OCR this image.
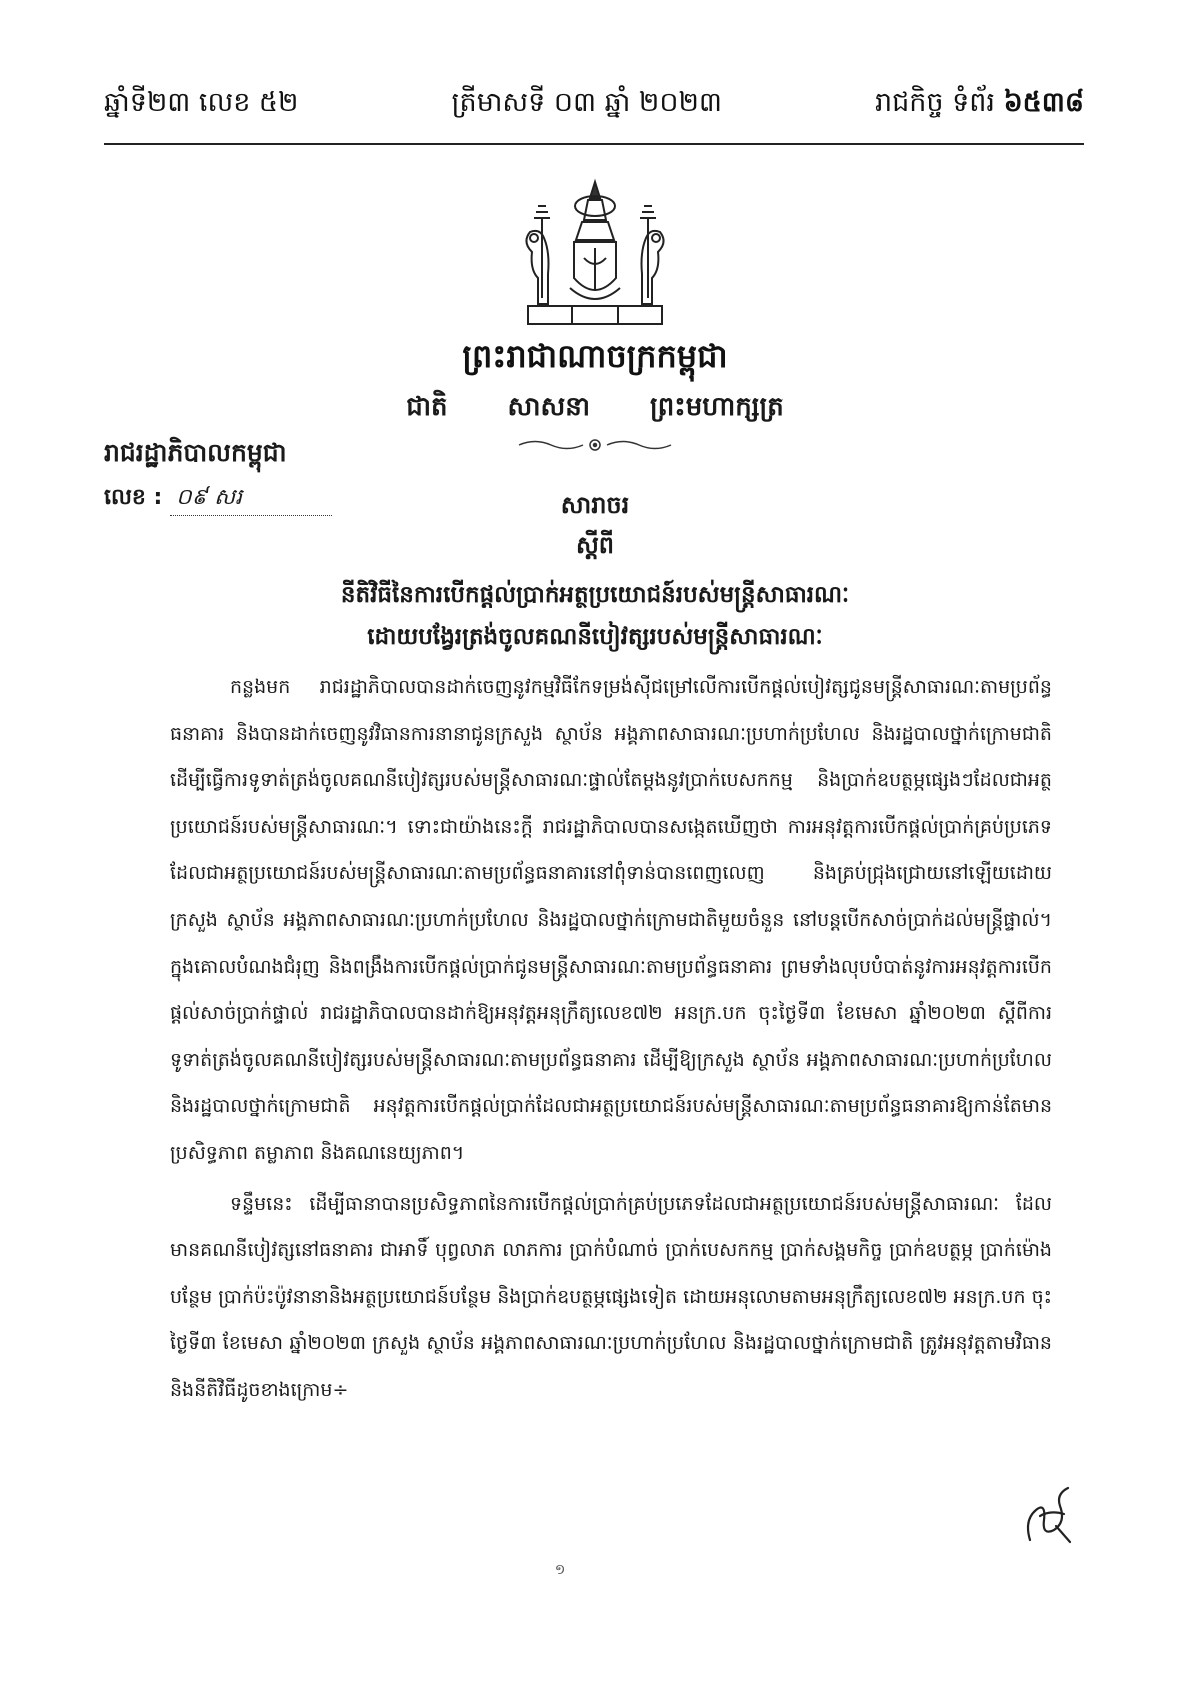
ឆ្នាំទី២៣ លេខ ៥២	ត្រីមាសទី ០៣ ឆ្នាំ ២០២៣	រាជកិច្ច ទំព័រ ៦៥៣៨
ព្រះរាជាណាចក្រកម្ពុជា
ជាតិ សាសនា ព្រះមហាក្សត្រ
រាជរដ្ឋាភិបាលកម្ពុជា
លេខ : ០៩ សរ	សារាចរ
ស្តីពី
នីតិវិធីនៃការបើកផ្តល់ប្រាក់អត្ថប្រយោជន៍របស់មន្ត្រីសាធារណៈ
ដោយបង្វែរត្រង់ចូលគណនីបៀវត្សរបស់មន្ត្រីសាធារណៈ

កន្លងមក រាជរដ្ឋាភិបាលបានដាក់ចេញនូវកម្មវិធីកែទម្រង់ស៊ីជម្រៅលើការបើកផ្តល់បៀវត្សជូនមន្ត្រីសាធារណៈតាមប្រព័ន្ធធនាគារ និងបានដាក់ចេញនូវវិធានការនានាជូនក្រសួង ស្ថាប័ន អង្គភាពសាធារណៈប្រហាក់ប្រហែល និងរដ្ឋបាលថ្នាក់ក្រោមជាតិ ដើម្បីធ្វើការទូទាត់ត្រង់ចូលគណនីបៀវត្សរបស់មន្ត្រីសាធារណៈផ្ទាល់តែម្តងនូវប្រាក់បេសកកម្ម និងប្រាក់ឧបត្ថម្ភផ្សេងៗដែលជាអត្ថប្រយោជន៍របស់មន្ត្រីសាធារណៈ។ ទោះជាយ៉ាងនេះក្តី រាជរដ្ឋាភិបាលបានសង្កេតឃើញថា ការអនុវត្តការបើកផ្តល់ប្រាក់គ្រប់ប្រភេទដែលជាអត្ថប្រយោជន៍របស់មន្ត្រីសាធារណៈតាមប្រព័ន្ធធនាគារនៅពុំទាន់បានពេញលេញ និងគ្រប់ជ្រុងជ្រោយនៅឡើយដោយក្រសួង ស្ថាប័ន អង្គភាពសាធារណៈប្រហាក់ប្រហែល និងរដ្ឋបាលថ្នាក់ក្រោមជាតិមួយចំនួន នៅបន្តបើកសាច់ប្រាក់ដល់មន្ត្រីផ្ទាល់។ ក្នុងគោលបំណងជំរុញ និងពង្រឹងការបើកផ្តល់ប្រាក់ជូនមន្ត្រីសាធារណៈតាមប្រព័ន្ធធនាគារ ព្រមទាំងលុបបំបាត់នូវការអនុវត្តការបើកផ្តល់សាច់ប្រាក់ផ្ទាល់ រាជរដ្ឋាភិបាលបានដាក់ឱ្យអនុវត្តអនុក្រឹត្យលេខ៧២ អនក្រ.បក ចុះថ្ងៃទី៣ ខែមេសា ឆ្នាំ២០២៣ ស្តីពីការទូទាត់ត្រង់ចូលគណនីបៀវត្សរបស់មន្ត្រីសាធារណៈតាមប្រព័ន្ធធនាគារ ដើម្បីឱ្យក្រសួង ស្ថាប័ន អង្គភាពសាធារណៈប្រហាក់ប្រហែល និងរដ្ឋបាលថ្នាក់ក្រោមជាតិ អនុវត្តការបើកផ្តល់ប្រាក់ដែលជាអត្ថប្រយោជន៍របស់មន្ត្រីសាធារណៈតាមប្រព័ន្ធធនាគារឱ្យកាន់តែមានប្រសិទ្ធភាព តម្លាភាព និងគណនេយ្យភាព។

ទន្ទឹមនេះ ដើម្បីធានាបានប្រសិទ្ធភាពនៃការបើកផ្តល់ប្រាក់គ្រប់ប្រភេទដែលជាអត្ថប្រយោជន៍របស់មន្ត្រីសាធារណៈ ដែលមានគណនីបៀវត្សនៅធនាគារ ជាអាទិ៍ បុព្វលាភ លាភការ ប្រាក់បំណាច់ ប្រាក់បេសកកម្ម ប្រាក់សង្គមកិច្ច ប្រាក់ឧបត្ថម្ភ ប្រាក់ម៉ោងបន្ថែម ប្រាក់ប៉ះប៉ូវនានានិងអត្ថប្រយោជន៍បន្ថែម និងប្រាក់ឧបត្ថម្ភផ្សេងទៀត ដោយអនុលោមតាមអនុក្រឹត្យលេខ៧២ អនក្រ.បក ចុះថ្ងៃទី៣ ខែមេសា ឆ្នាំ២០២៣ ក្រសួង ស្ថាប័ន អង្គភាពសាធារណៈប្រហាក់ប្រហែល និងរដ្ឋបាលថ្នាក់ក្រោមជាតិ ត្រូវអនុវត្តតាមវិធាន និងនីតិវិធីដូចខាងក្រោម÷

១
